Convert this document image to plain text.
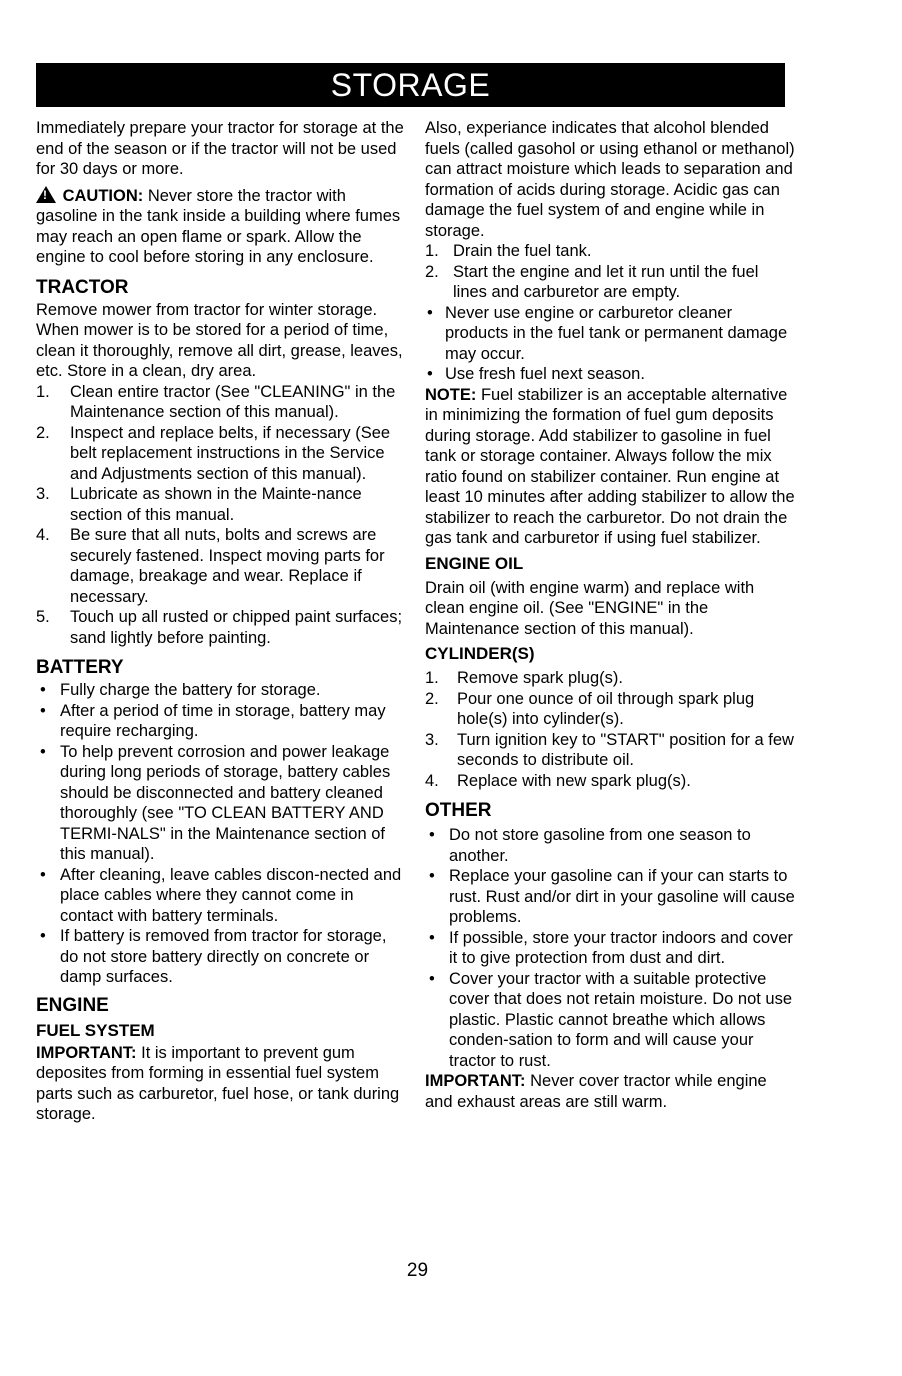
STORAGE

Immediately prepare your tractor for storage at the end of the season or if the tractor will not be used for 30 days or more.

! CAUTION: Never store the tractor with gasoline in the tank inside a building where fumes may reach an open flame or spark. Allow the engine to cool before storing in any enclosure.

TRACTOR

Remove mower from tractor for winter storage. When mower is to be stored for a period of time, clean it thoroughly, remove all dirt, grease, leaves, etc. Store in a clean, dry area.

1. Clean entire tractor (See "CLEANING" in the Maintenance section of this manual).
2. Inspect and replace belts, if necessary (See belt replacement instructions in the Service and Adjustments section of this manual).
3. Lubricate as shown in the Mainte-nance section of this manual.
4. Be sure that all nuts, bolts and screws are securely fastened. Inspect moving parts for damage, breakage and wear. Replace if necessary.
5. Touch up all rusted or chipped paint surfaces; sand lightly before painting.

BATTERY

• Fully charge the battery for storage.
• After a period of time in storage, battery may require recharging.
• To help prevent corrosion and power leakage during long periods of storage, battery cables should be disconnected and battery cleaned thoroughly (see "TO CLEAN BATTERY AND TERMI-NALS" in the Maintenance section of this manual).
• After cleaning, leave cables discon-nected and place cables where they cannot come in contact with battery terminals.
• If battery is removed from tractor for storage, do not store battery directly on concrete or damp surfaces.

ENGINE

FUEL SYSTEM

IMPORTANT: It is important to prevent gum deposites from forming in essential fuel system parts such as carburetor, fuel hose, or tank during storage.

Also, experiance indicates that alcohol blended fuels (called gasohol or using ethanol or methanol) can attract moisture which leads to separation and formation of acids during storage. Acidic gas can damage the fuel system of and engine while in storage.

1. Drain the fuel tank.
2. Start the engine and let it run until the fuel lines and carburetor are empty.
• Never use engine or carburetor cleaner products in the fuel tank or permanent damage may occur.
• Use fresh fuel next season.

NOTE: Fuel stabilizer is an acceptable alternative in minimizing the formation of fuel gum deposits during storage. Add stabilizer to gasoline in fuel tank or storage container. Always follow the mix ratio found on stabilizer container. Run engine at least 10 minutes after adding stabilizer to allow the stabilizer to reach the carburetor. Do not drain the gas tank and carburetor if using fuel stabilizer.

ENGINE OIL

Drain oil (with engine warm) and replace with clean engine oil. (See "ENGINE" in the Maintenance section of this manual).

CYLINDER(S)

1. Remove spark plug(s).
2. Pour one ounce of oil through spark plug hole(s) into cylinder(s).
3. Turn ignition key to "START" position for a few seconds to distribute oil.
4. Replace with new spark plug(s).

OTHER

• Do not store gasoline from one season to another.
• Replace your gasoline can if your can starts to rust. Rust and/or dirt in your gasoline will cause problems.
• If possible, store your tractor indoors and cover it to give protection from dust and dirt.
• Cover your tractor with a suitable protective cover that does not retain moisture. Do not use plastic. Plastic cannot breathe which allows conden-sation to form and will cause your tractor to rust.

IMPORTANT: Never cover tractor while engine and exhaust areas are still warm.

29
